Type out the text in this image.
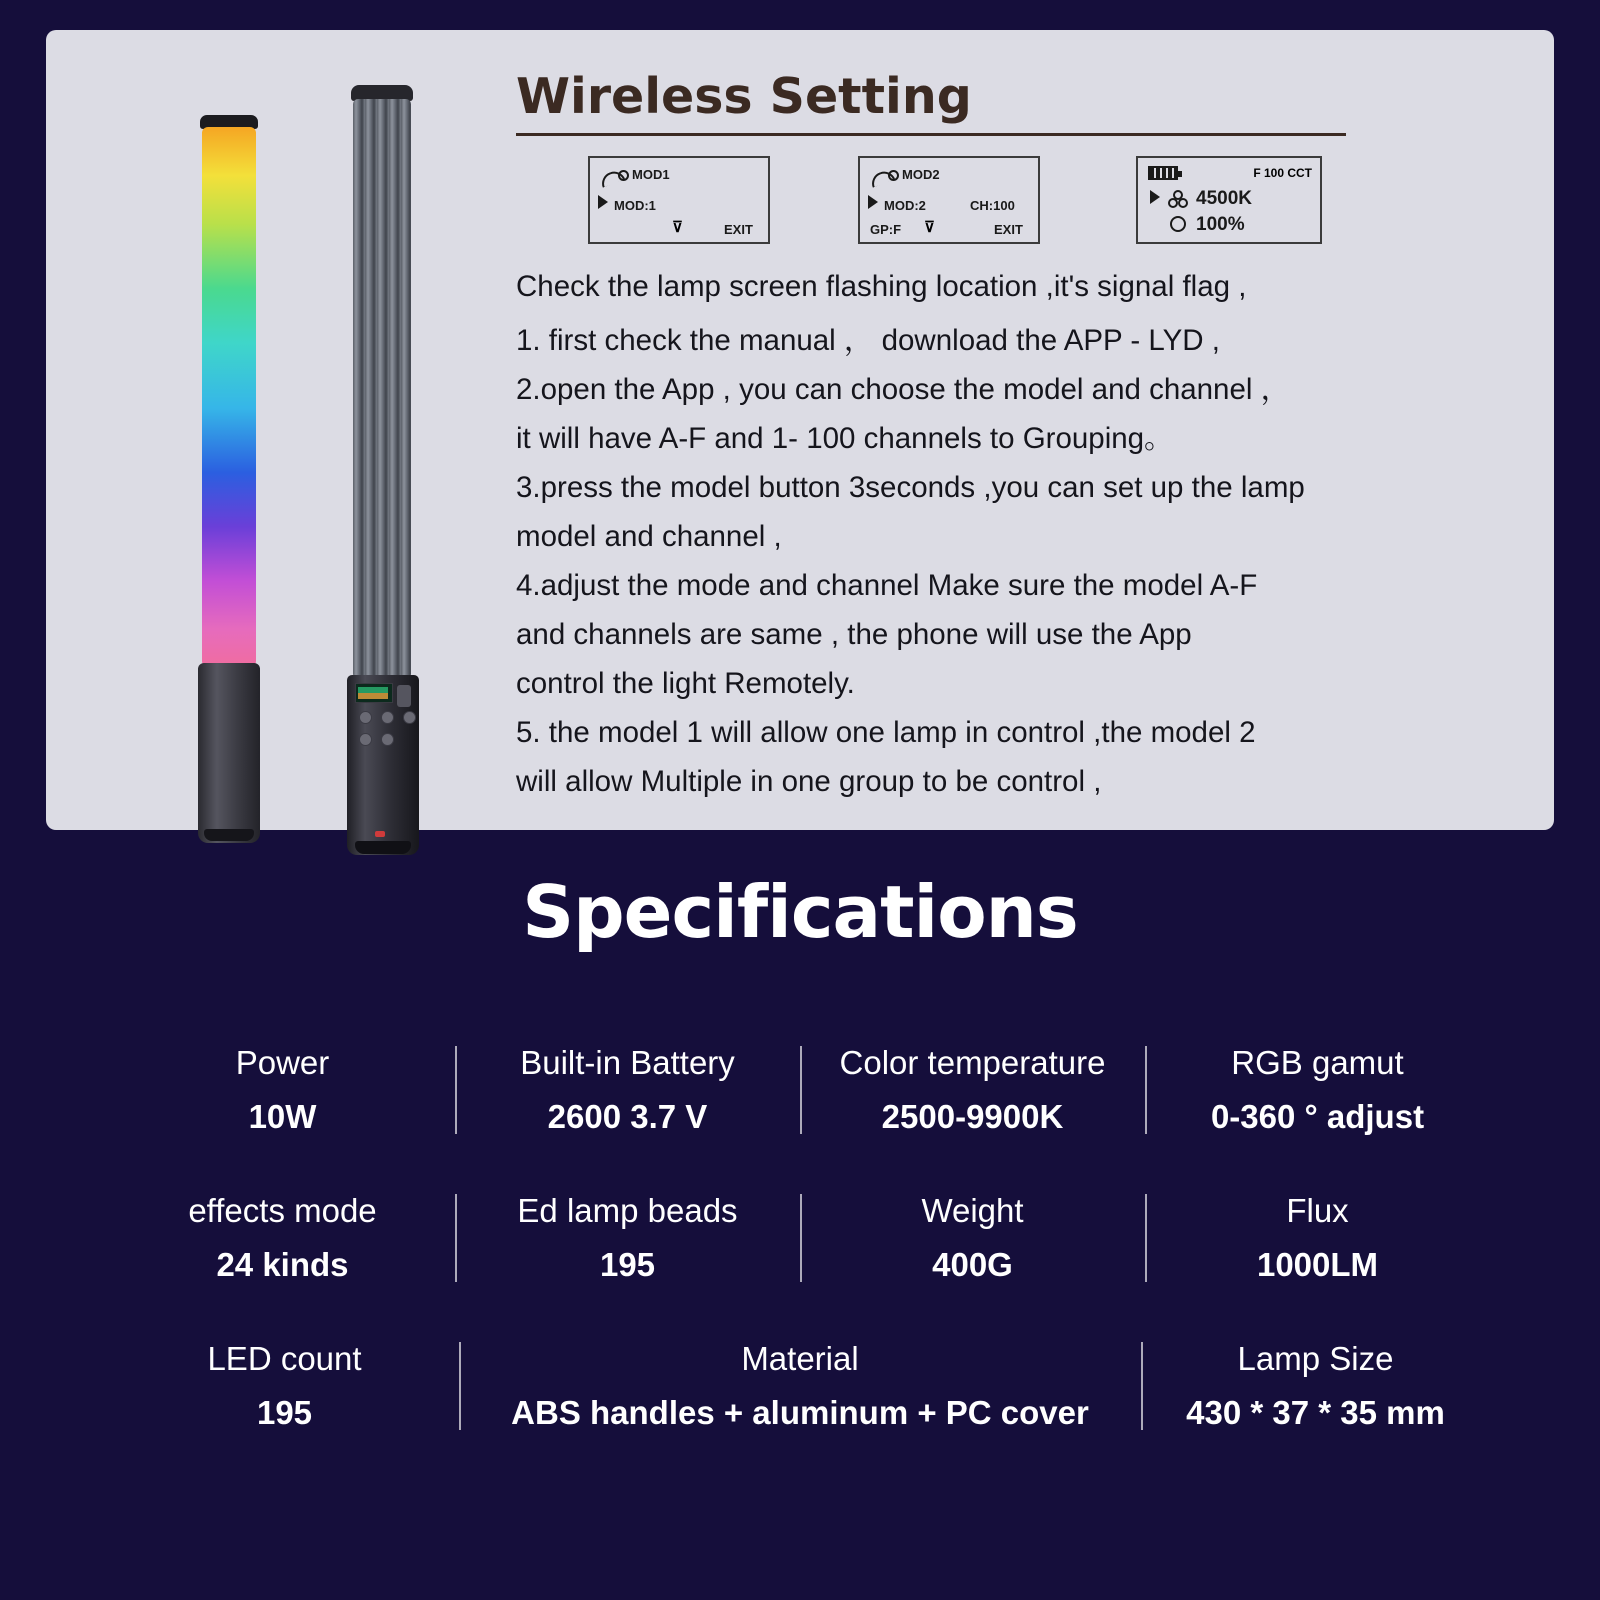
Wireless Setting
MOD1
MOD:1
EXIT
⊽
MOD2
MOD:2	CH:100
GP:F	EXIT
⊽
F 100 CCT
4500K
100%

Check the lamp screen flashing location ,it's signal flag ,

1. first check the manual ， download the APP - LYD ,

2.open the App , you can choose the model and channel ，

it will have A-F and 1- 100 channels to Grouping。

3.press the model button 3seconds ,you can set up the lamp

model and channel ,

4.adjust the mode and channel Make sure the model A-F

and channels are same , the phone will use the App

control the light Remotely.

5. the model 1 will allow one lamp in control ,the model 2

will allow Multiple in one group to be control ,

Specifications
Power
10W
Built-in Battery
2600 3.7 V
Color temperature
2500-9900K
RGB gamut
0-360 ° adjust
effects mode
24 kinds
Ed lamp beads
195
Weight
400G
Flux
1000LM
LED count
195
Material
ABS handles + aluminum + PC cover
Lamp Size
430 * 37 * 35 mm
